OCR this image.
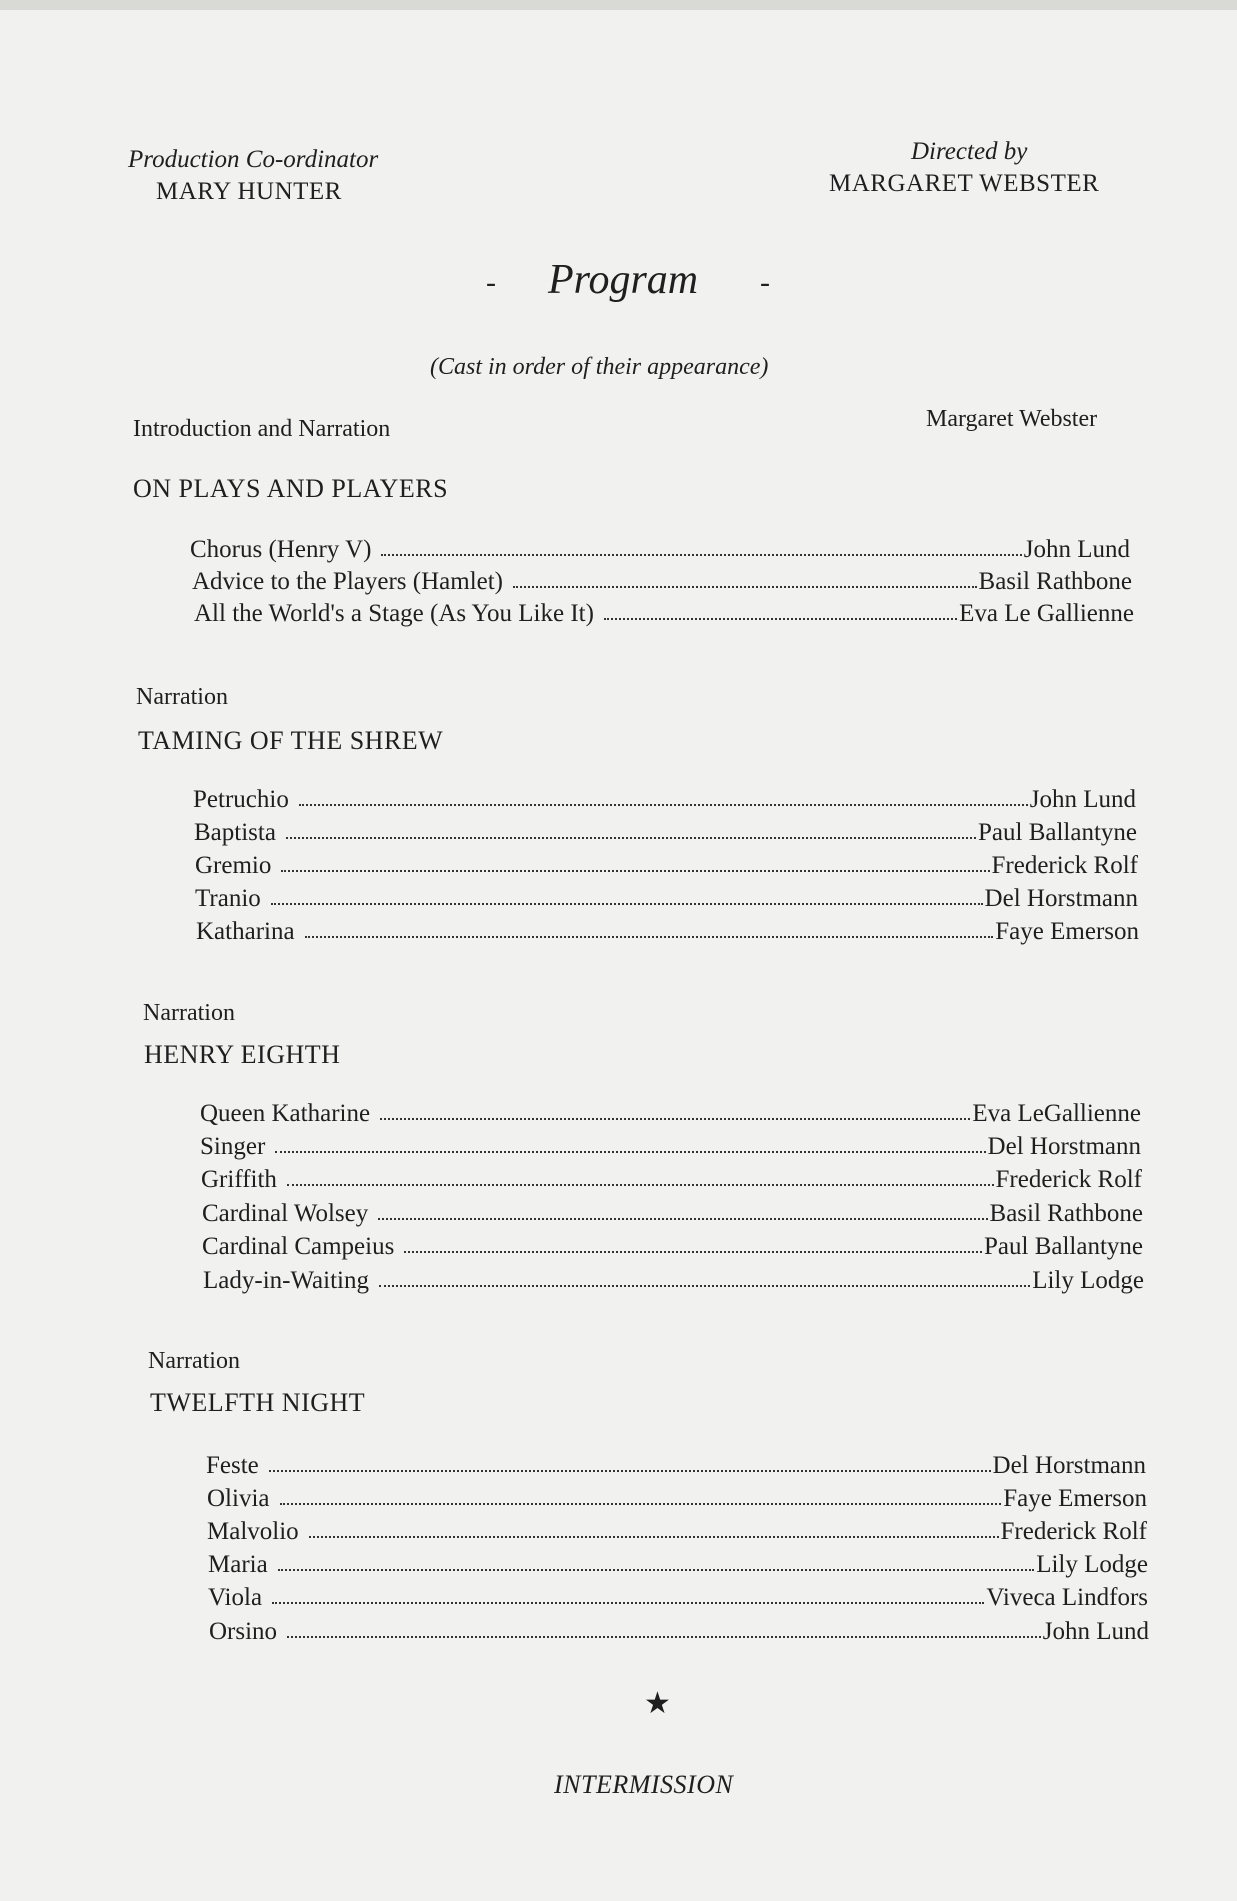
Production Co-ordinator
MARY HUNTER
Directed by
MARGARET WEBSTER
- Program -
(Cast in order of their appearance)
Introduction and Narration	Margaret Webster
ON PLAYS AND PLAYERS
Chorus (Henry V)	John Lund
Advice to the Players (Hamlet)	Basil Rathbone
All the World's a Stage (As You Like It)	Eva Le Gallienne
Narration
TAMING OF THE SHREW
Petruchio	John Lund
Baptista	Paul Ballantyne
Gremio	Frederick Rolf
Tranio	Del Horstmann
Katharina	Faye Emerson
Narration
HENRY EIGHTH
Queen Katharine	Eva LeGallienne
Singer	Del Horstmann
Griffith	Frederick Rolf
Cardinal Wolsey	Basil Rathbone
Cardinal Campeius	Paul Ballantyne
Lady-in-Waiting	Lily Lodge
Narration
TWELFTH NIGHT
Feste	Del Horstmann
Olivia	Faye Emerson
Malvolio	Frederick Rolf
Maria	Lily Lodge
Viola	Viveca Lindfors
Orsino	John Lund
★
INTERMISSION
